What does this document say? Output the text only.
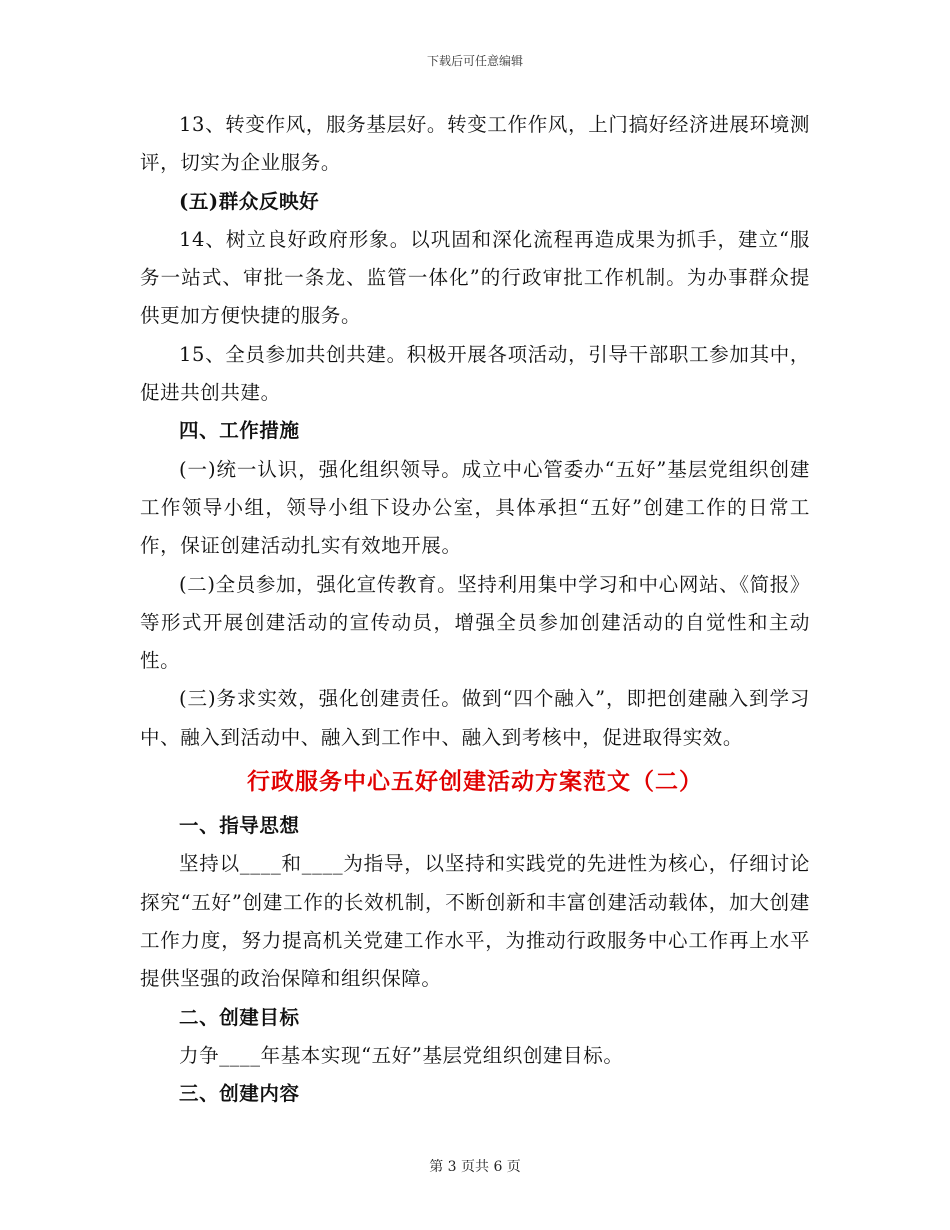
下载后可任意编辑

13、转变作风，服务基层好。转变工作作风，上门搞好经济进展环境测评，切实为企业服务。

(五)群众反映好

14、树立良好政府形象。以巩固和深化流程再造成果为抓手，建立“服务一站式、审批一条龙、监管一体化”的行政审批工作机制。为办事群众提供更加方便快捷的服务。

15、全员参加共创共建。积极开展各项活动，引导干部职工参加其中，促进共创共建。

四、工作措施

(一)统一认识，强化组织领导。成立中心管委办“五好”基层党组织创建工作领导小组，领导小组下设办公室，具体承担“五好”创建工作的日常工作，保证创建活动扎实有效地开展。

(二)全员参加，强化宣传教育。坚持利用集中学习和中心网站、《简报》等形式开展创建活动的宣传动员，增强全员参加创建活动的自觉性和主动性。

(三)务求实效，强化创建责任。做到“四个融入”，即把创建融入到学习中、融入到活动中、融入到工作中、融入到考核中，促进取得实效。

行政服务中心五好创建活动方案范文（二）

一、指导思想

坚持以____和____为指导，以坚持和实践党的先进性为核心，仔细讨论探究“五好”创建工作的长效机制，不断创新和丰富创建活动载体，加大创建工作力度，努力提高机关党建工作水平，为推动行政服务中心工作再上水平提供坚强的政治保障和组织保障。

二、创建目标

力争____年基本实现“五好”基层党组织创建目标。

三、创建内容

第 3 页共 6 页
